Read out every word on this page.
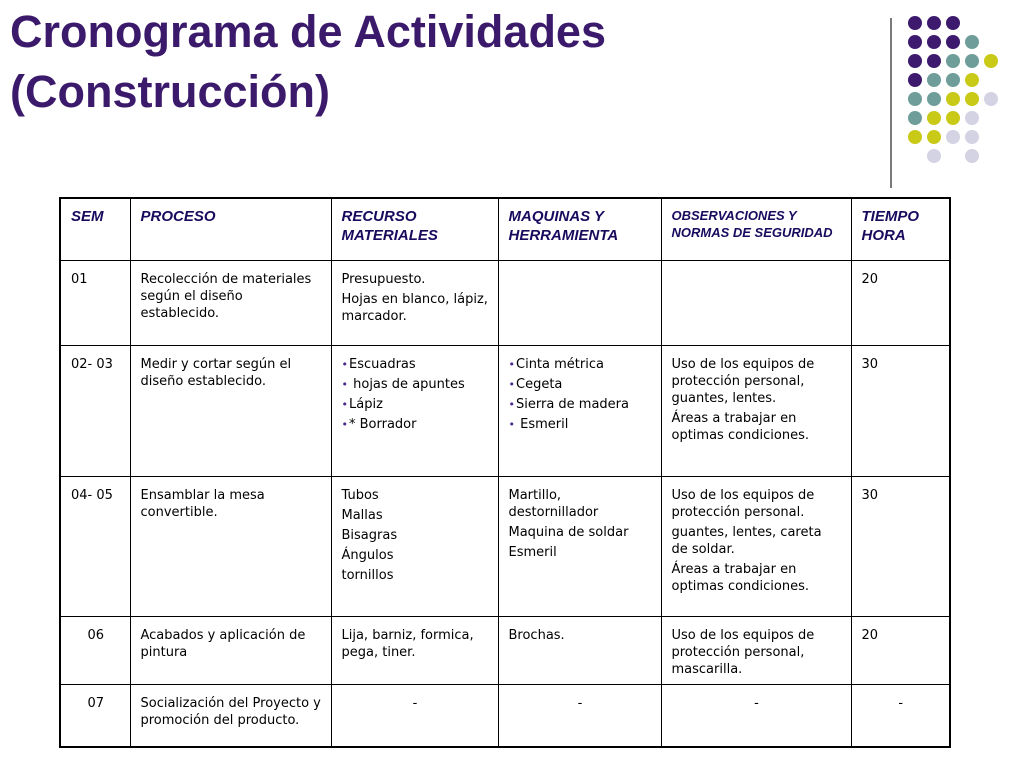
Cronograma de Actividades
(Construcción)
SEM	PROCESO	RECURSO MATERIALES	MAQUINAS Y HERRAMIENTA	OBSERVACIONES Y NORMAS DE SEGURIDAD	TIEMPO HORA
01	Recolección de materiales según el diseño establecido.	Presupuesto.
Hojas en blanco, lápiz, marcador.			20
02- 03	Medir y cortar según el diseño establecido.	• Escuadras
• hojas de apuntes
• Lápiz
• * Borrador	• Cinta métrica
• Cegeta
• Sierra de madera
• Esmeril	Uso de los equipos de protección personal, guantes, lentes.
Áreas a trabajar en optimas condiciones.	30
04- 05	Ensamblar la mesa convertible.	Tubos
Mallas
Bisagras
Ángulos
tornillos	Martillo, destornillador
Maquina de soldar
Esmeril	Uso de los equipos de protección personal.
guantes, lentes, careta de soldar.
Áreas a trabajar en optimas condiciones.	30
06	Acabados y aplicación de pintura	Lija, barniz, formica, pega, tiner.	Brochas.	Uso de los equipos de protección personal, mascarilla.	20
07	Socialización del Proyecto y promoción del producto.	-	-	-	-
